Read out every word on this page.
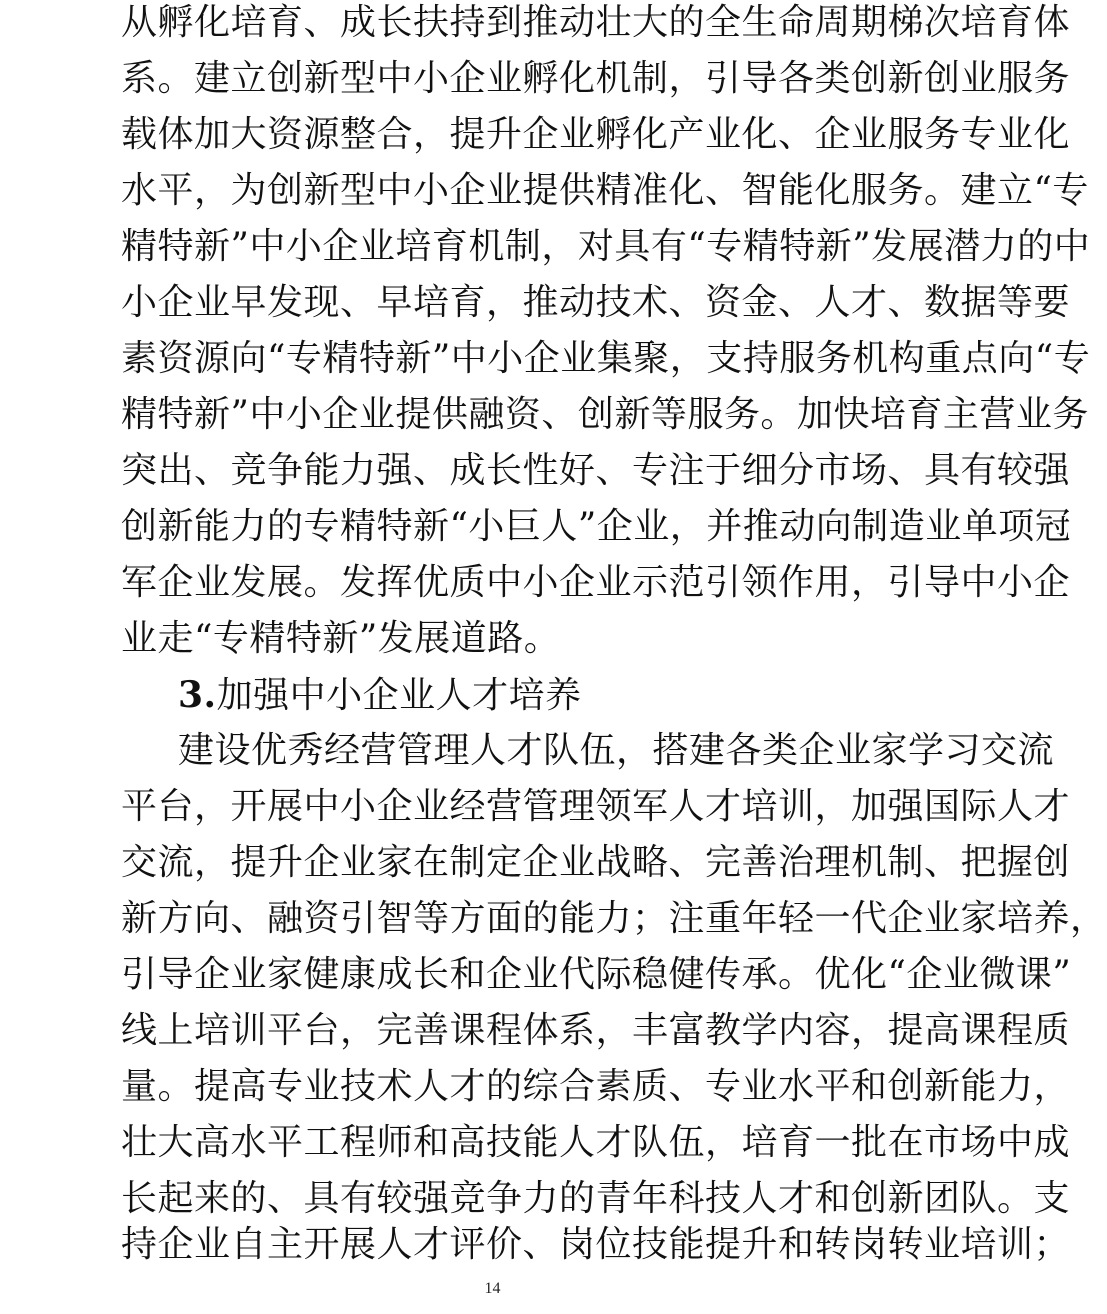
从孵化培育、成长扶持到推动壮大的全生命周期梯次培育体
系。建立创新型中小企业孵化机制，引导各类创新创业服务
载体加大资源整合，提升企业孵化产业化、企业服务专业化
水平，为创新型中小企业提供精准化、智能化服务。建立“专
精特新”中小企业培育机制，对具有“专精特新”发展潜力的中
小企业早发现、早培育，推动技术、资金、人才、数据等要
素资源向“专精特新”中小企业集聚，支持服务机构重点向“专
精特新”中小企业提供融资、创新等服务。加快培育主营业务
突出、竞争能力强、成长性好、专注于细分市场、具有较强
创新能力的专精特新“小巨人”企业，并推动向制造业单项冠
军企业发展。发挥优质中小企业示范引领作用，引导中小企
业走“专精特新”发展道路。
3.加强中小企业人才培养
建设优秀经营管理人才队伍，搭建各类企业家学习交流
平台，开展中小企业经营管理领军人才培训，加强国际人才
交流，提升企业家在制定企业战略、完善治理机制、把握创
新方向、融资引智等方面的能力；注重年轻一代企业家培养，
引导企业家健康成长和企业代际稳健传承。优化“企业微课”
线上培训平台，完善课程体系，丰富教学内容，提高课程质
量。提高专业技术人才的综合素质、专业水平和创新能力，
壮大高水平工程师和高技能人才队伍，培育一批在市场中成
长起来的、具有较强竞争力的青年科技人才和创新团队。支
持企业自主开展人才评价、岗位技能提升和转岗转业培训；
14
